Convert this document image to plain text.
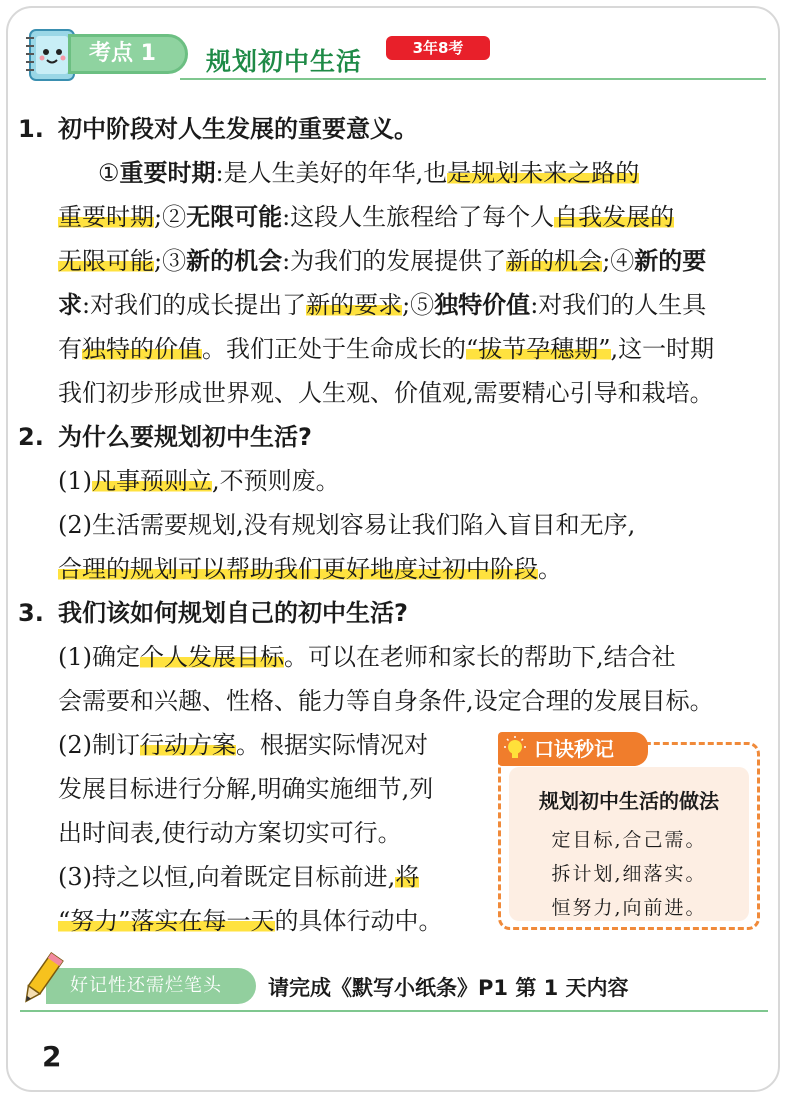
考点 1	规划初中生活	3年8考
1. 初中阶段对人生发展的重要意义。
①重要时期:是人生美好的年华,也是规划未来之路的
重要时期;②无限可能:这段人生旅程给了每个人自我发展的
无限可能;③新的机会:为我们的发展提供了新的机会;④新的要
求:对我们的成长提出了新的要求;⑤独特价值:对我们的人生具
有独特的价值。我们正处于生命成长的“拔节孕穗期”,这一时期
我们初步形成世界观、人生观、价值观,需要精心引导和栽培。
2. 为什么要规划初中生活?
(1)凡事预则立,不预则废。
(2)生活需要规划,没有规划容易让我们陷入盲目和无序,
合理的规划可以帮助我们更好地度过初中阶段。
3. 我们该如何规划自己的初中生活?
(1)确定个人发展目标。可以在老师和家长的帮助下,结合社
会需要和兴趣、性格、能力等自身条件,设定合理的发展目标。
(2)制订行动方案。根据实际情况对
发展目标进行分解,明确实施细节,列
出时间表,使行动方案切实可行。
(3)持之以恒,向着既定目标前进,将
“努力”落实在每一天的具体行动中。
规划初中生活的做法
定目标,合己需。
拆计划,细落实。
恒努力,向前进。
口诀秒记
好记性还需烂笔头	请完成《默写小纸条》P1 第 1 天内容
2
